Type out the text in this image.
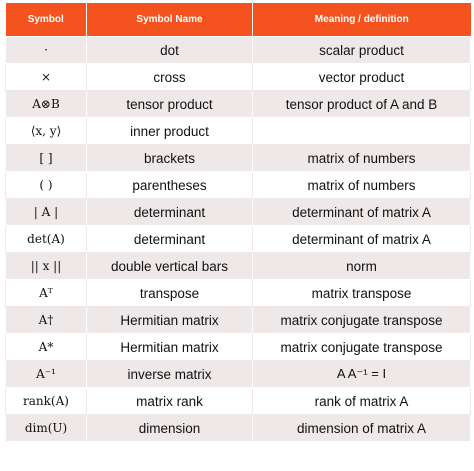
Symbol	Symbol Name	Meaning / definition
·	dot	scalar product
×	cross	vector product
A⊗B	tensor product	tensor product of A and B
⟨x, y⟩	inner product	
[ ]	brackets	matrix of numbers
( )	parentheses	matrix of numbers
| A |	determinant	determinant of matrix A
det(A)	determinant	determinant of matrix A
|| x ||	double vertical bars	norm
Aᵀ	transpose	matrix transpose
A†	Hermitian matrix	matrix conjugate transpose
A*	Hermitian matrix	matrix conjugate transpose
A⁻¹	inverse matrix	A A⁻¹ = I
rank(A)	matrix rank	rank of matrix A
dim(U)	dimension	dimension of matrix A
